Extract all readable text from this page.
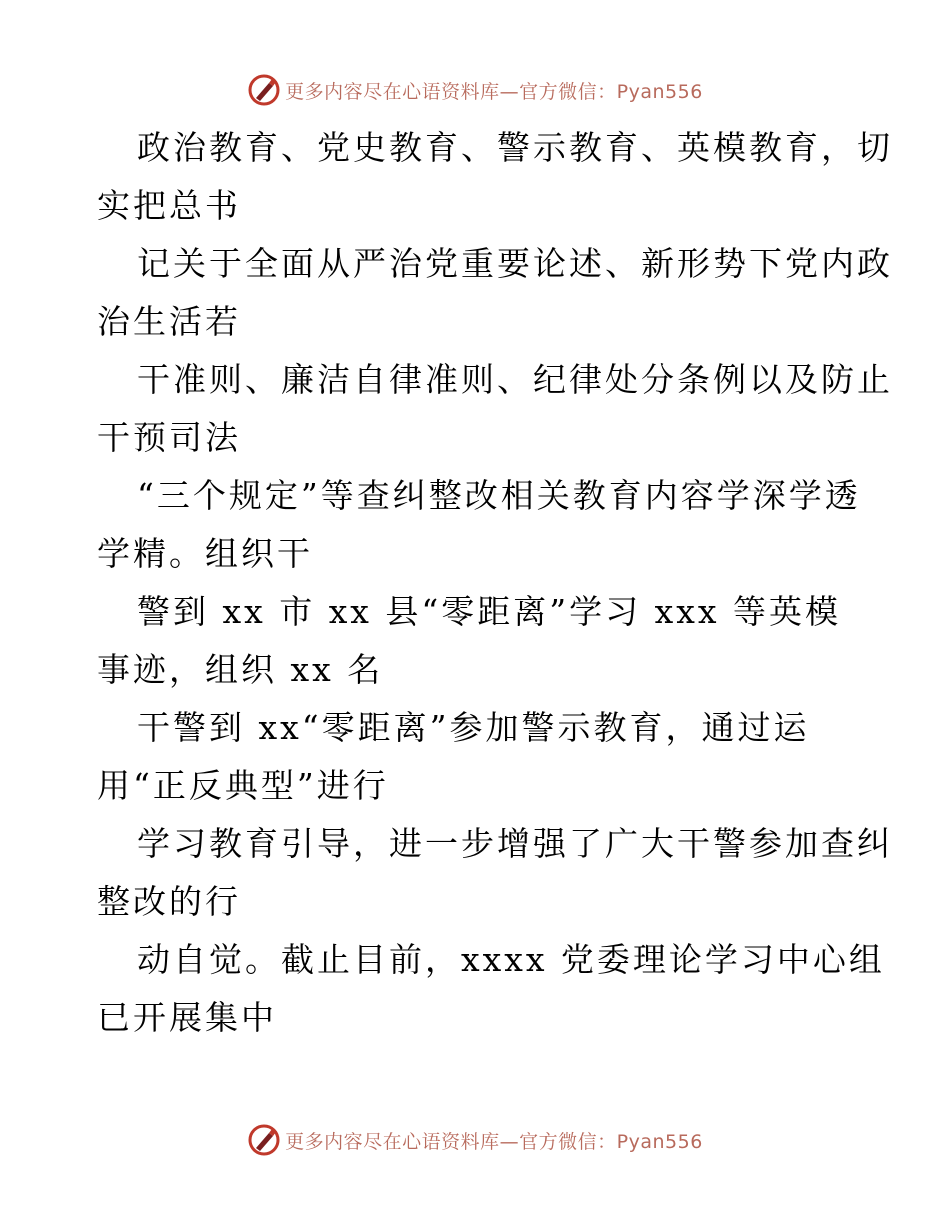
更多内容尽在心语资料库—官方微信：Pyan556
政治教育、党史教育、警示教育、英模教育，切
实把总书
记关于全面从严治党重要论述、新形势下党内政
治生活若
干准则、廉洁自律准则、纪律处分条例以及防止
干预司法
“三个规定”等查纠整改相关教育内容学深学透
学精。组织干
警到 xx 市 xx 县“零距离”学习 xxx 等英模
事迹，组织 xx 名
干警到 xx“零距离”参加警示教育，通过运
用“正反典型”进行
学习教育引导，进一步增强了广大干警参加查纠
整改的行
动自觉。截止目前，xxxx 党委理论学习中心组
已开展集中
更多内容尽在心语资料库—官方微信：Pyan556
